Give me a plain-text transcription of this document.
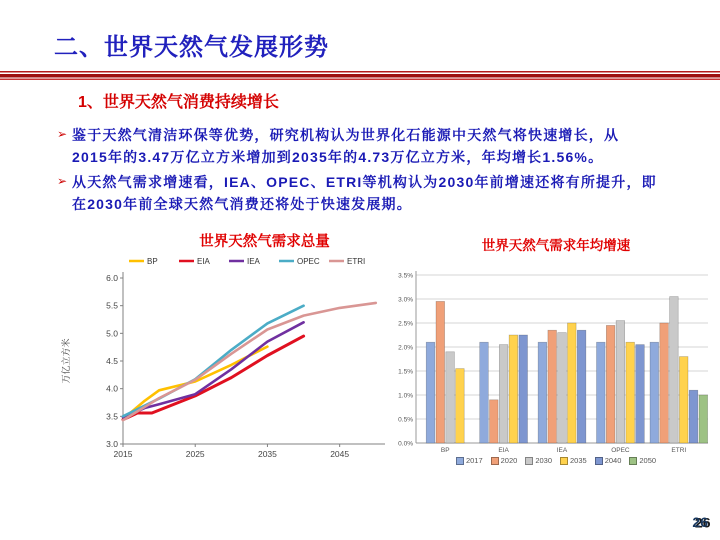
二、世界天然气发展形势
1、世界天然气消费持续增长
➢ 鉴于天然气清洁环保等优势，研究机构认为世界化石能源中天然气将快速增长，从
2015年的3.47万亿立方米增加到2035年的4.73万亿立方米，年均增长1.56%。
➢ 从天然气需求增速看，IEA、OPEC、ETRI等机构认为2030年前增速还将有所提升，即
在2030年前全球天然气消费还将处于快速发展期。
世界天然气需求总量
3.0
3.5
4.0
4.5
5.0
5.5
6.0
2015	2025	2035	2045
万亿立方米
BP	EIA	IEA	OPEC	ETRI
世界天然气需求年均增速
0.0%
0.5%
1.0%
1.5%
2.0%
2.5%
3.0%
3.5%
BP	EIA	IEA	OPEC	ETRI
2017 2020 2030 2035 2040 2050
26
